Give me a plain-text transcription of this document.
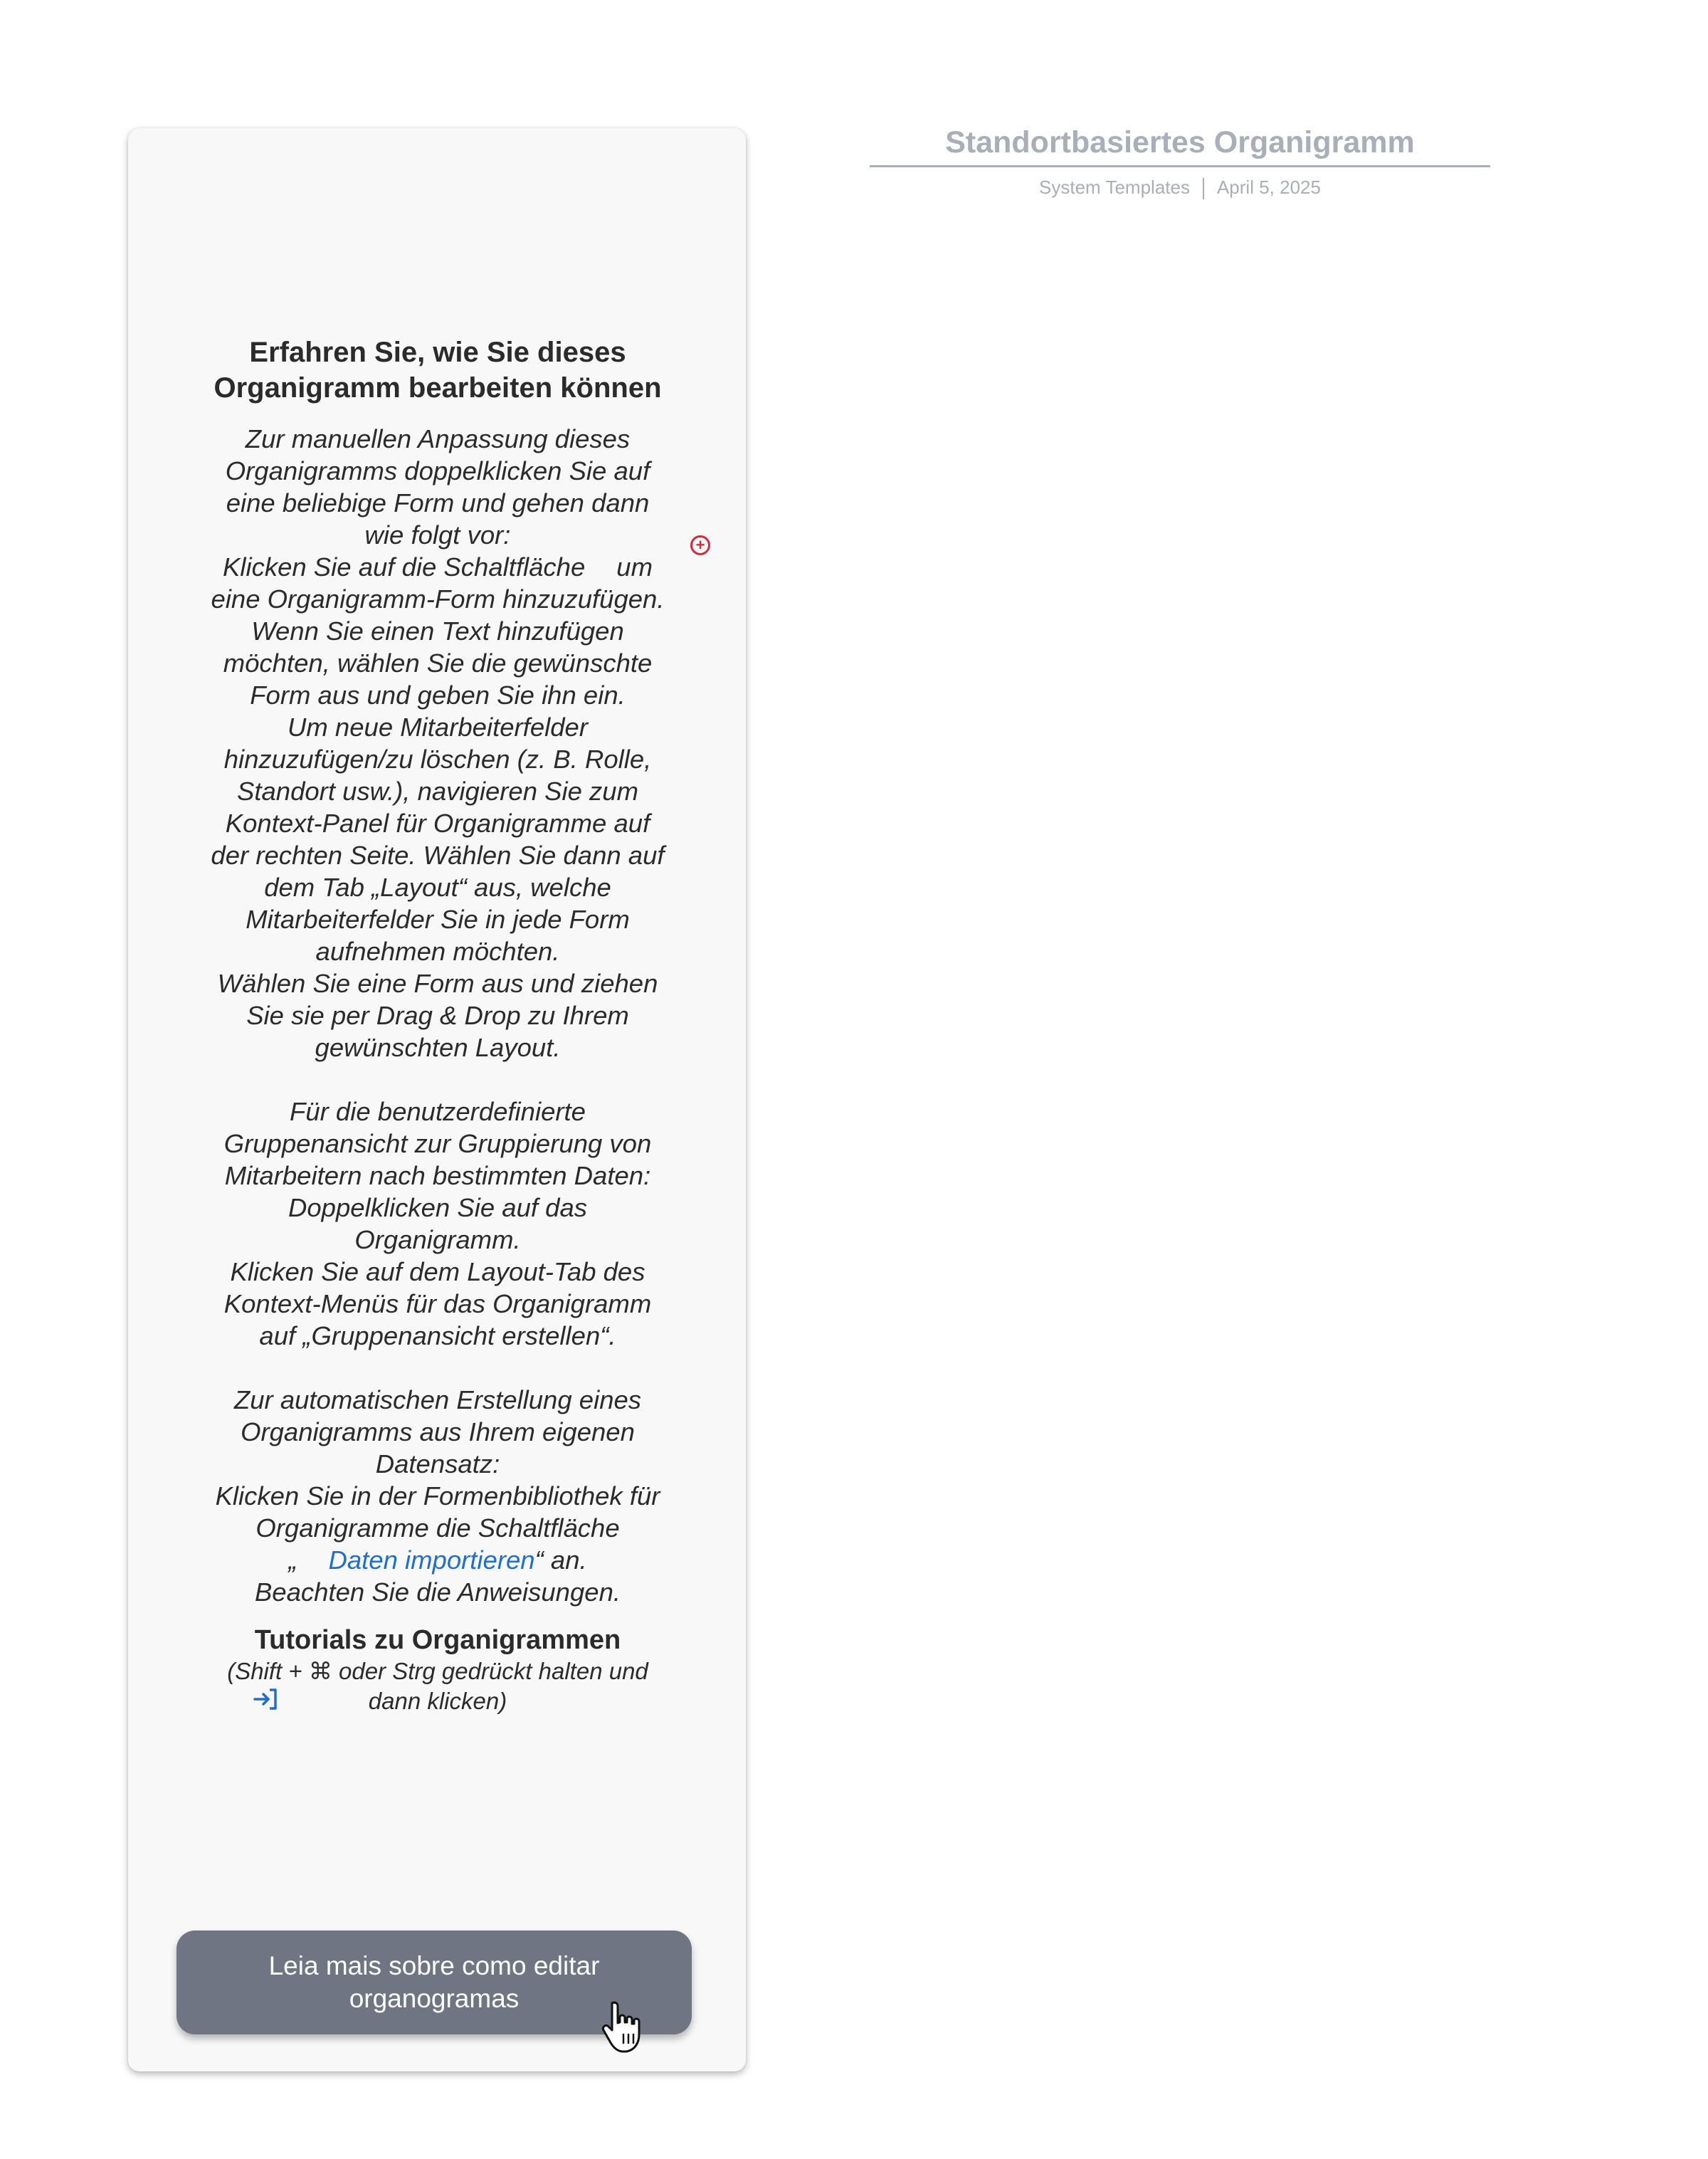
Erfahren Sie, wie Sie dieses
Organigramm bearbeiten können
+
Zur manuellen Anpassung dieses
Organigramms doppelklicken Sie auf
eine beliebige Form und gehen dann
wie folgt vor:
Klicken Sie auf die Schaltfläche um
eine Organigramm-Form hinzuzufügen.
Wenn Sie einen Text hinzufügen
möchten, wählen Sie die gewünschte
Form aus und geben Sie ihn ein.
Um neue Mitarbeiterfelder
hinzuzufügen/zu löschen (z. B. Rolle,
Standort usw.), navigieren Sie zum
Kontext-Panel für Organigramme auf
der rechten Seite. Wählen Sie dann auf
dem Tab „Layout“ aus, welche
Mitarbeiterfelder Sie in jede Form
aufnehmen möchten.
Wählen Sie eine Form aus und ziehen
Sie sie per Drag & Drop zu Ihrem
gewünschten Layout.
Für die benutzerdefinierte
Gruppenansicht zur Gruppierung von
Mitarbeitern nach bestimmten Daten:
Doppelklicken Sie auf das
Organigramm.
Klicken Sie auf dem Layout-Tab des
Kontext-Menüs für das Organigramm
auf „Gruppenansicht erstellen“.
Zur automatischen Erstellung eines
Organigramms aus Ihrem eigenen
Datensatz:
Klicken Sie in der Formenbibliothek für
Organigramme die Schaltfläche
„ Daten importieren“ an.
Beachten Sie die Anweisungen.
Tutorials zu Organigrammen
(Shift + ⌘ oder Strg gedrückt halten und
dann klicken)
Leia mais sobre como editar organogramas
Standortbasiertes Organigramm
System Templates April 5, 2025
